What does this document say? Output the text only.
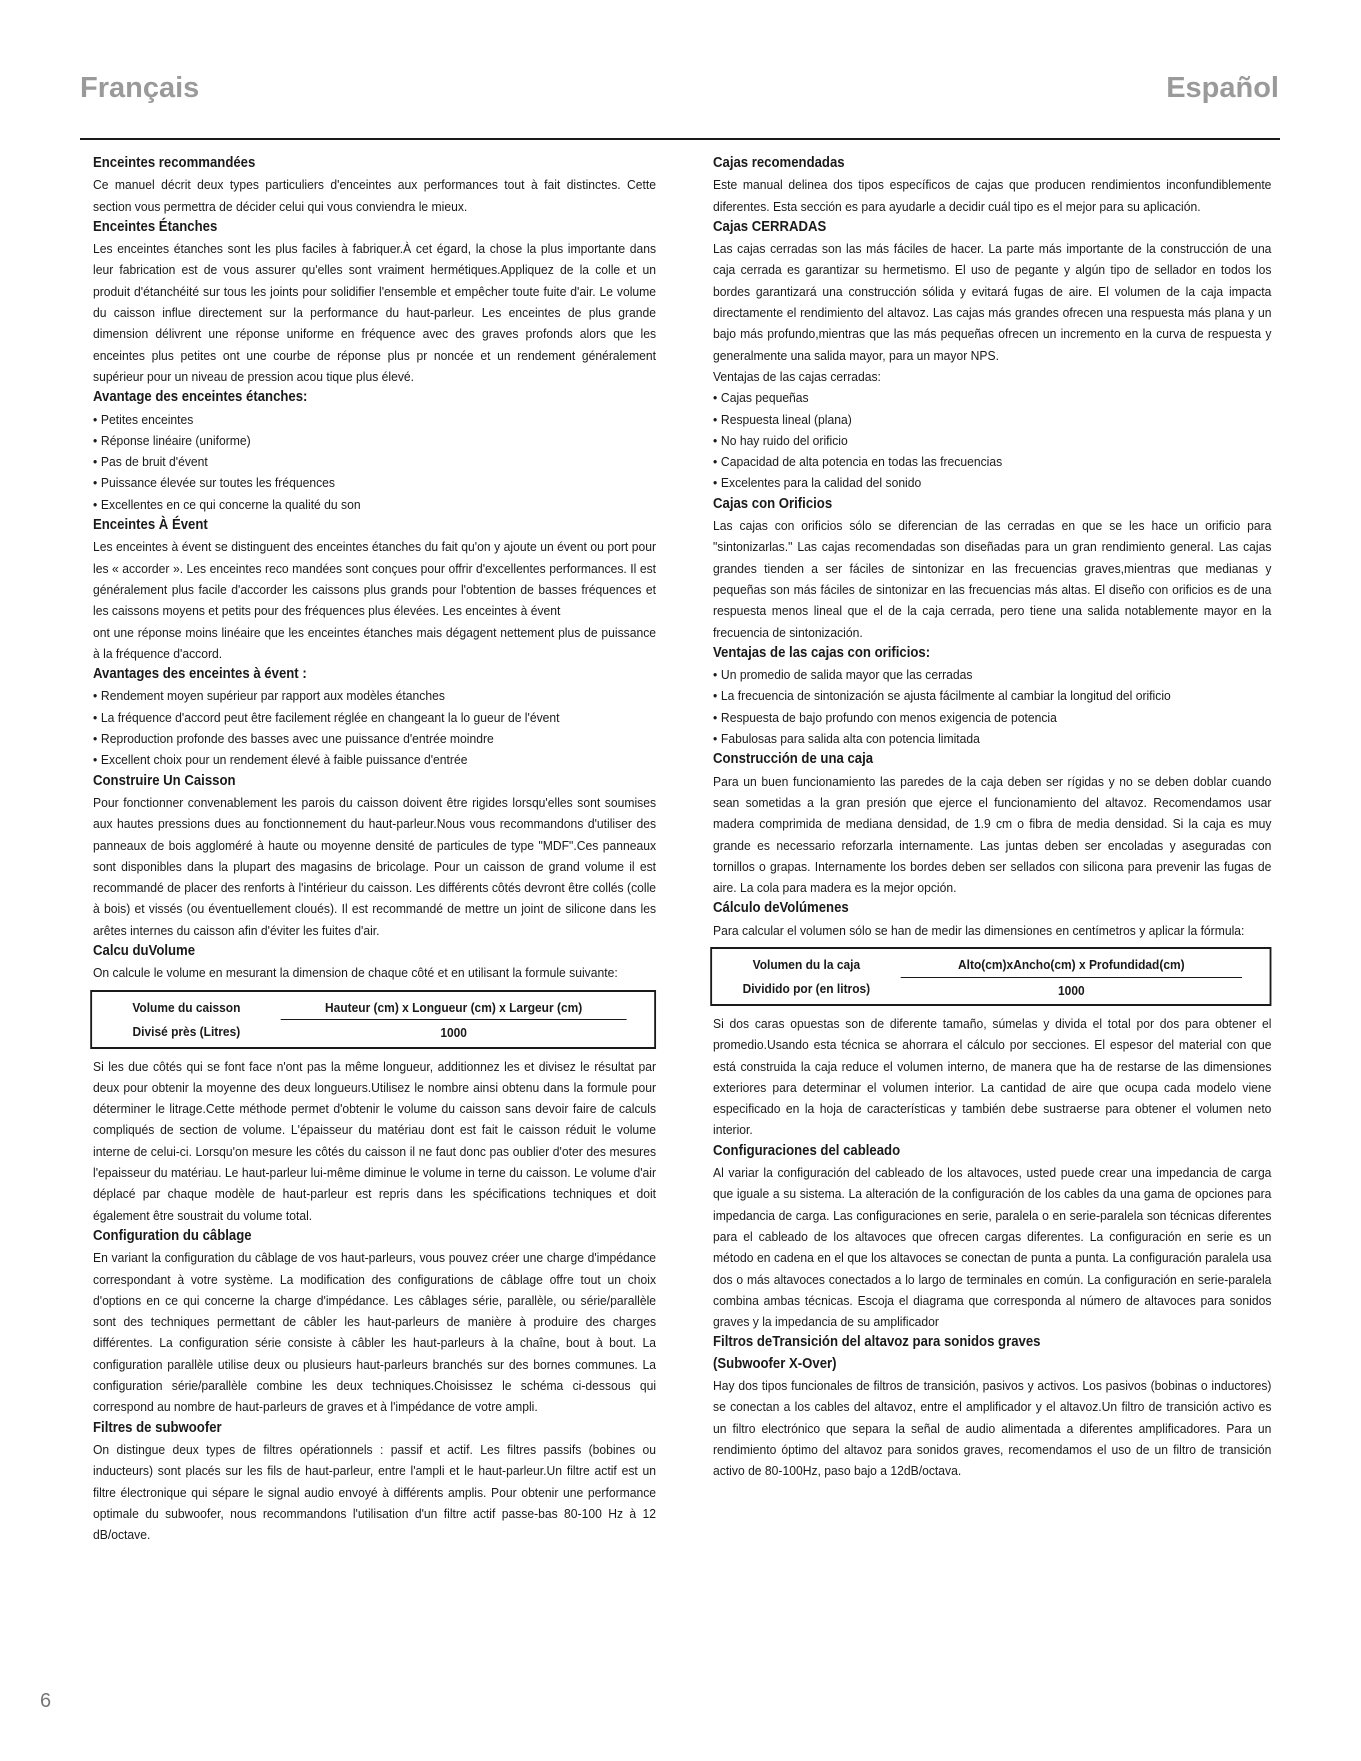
Français	Español
Enceintes recommandées

Ce manuel décrit deux types particuliers d'enceintes aux performances tout à fait distinctes. Cette section vous permettra de décider celui qui vous conviendra le mieux.

Enceintes Étanches

Les enceintes étanches sont les plus faciles à fabriquer.À cet égard, la chose la plus importante dans leur fabrication est de vous assurer qu'elles sont vraiment hermétiques.Appliquez de la colle et un produit d'étanchéité sur tous les joints pour solidifier l'ensemble et empêcher toute fuite d'air. Le volume du caisson influe directement sur la performance du haut-parleur. Les enceintes de plus grande dimension délivrent une réponse uniforme en fréquence avec des graves profonds alors que les enceintes plus petites ont une courbe de réponse plus pr noncée et un rendement généralement supérieur pour un niveau de pression acou tique plus élevé.

Avantage des enceintes étanches:
• Petites enceintes
• Réponse linéaire (uniforme)
• Pas de bruit d'évent
• Puissance élevée sur toutes les fréquences
• Excellentes en ce qui concerne la qualité du son
Enceintes À Évent

Les enceintes à évent se distinguent des enceintes étanches du fait qu'on y ajoute un évent ou port pour les « accorder ». Les enceintes reco mandées sont conçues pour offrir d'excellentes performances. Il est généralement plus facile d'accorder les caissons plus grands pour l'obtention de basses fréquences et les caissons moyens et petits pour des fréquences plus élevées. Les enceintes à évent

ont une réponse moins linéaire que les enceintes étanches mais dégagent nettement plus de puissance à la fréquence d'accord.

Avantages des enceintes à évent :
• Rendement moyen supérieur par rapport aux modèles étanches
• La fréquence d'accord peut être facilement réglée en changeant la lo gueur de l'évent
• Reproduction profonde des basses avec une puissance d'entrée moindre
• Excellent choix pour un rendement élevé à faible puissance d'entrée
Construire Un Caisson

Pour fonctionner convenablement les parois du caisson doivent être rigides lorsqu'elles sont soumises aux hautes pressions dues au fonctionnement du haut-parleur.Nous vous recommandons d'utiliser des panneaux de bois aggloméré à haute ou moyenne densité de particules de type "MDF".Ces panneaux sont disponibles dans la plupart des magasins de bricolage. Pour un caisson de grand volume il est recommandé de placer des renforts à l'intérieur du caisson. Les différents côtés devront être collés (colle à bois) et vissés (ou éventuellement cloués). Il est recommandé de mettre un joint de silicone dans les arêtes internes du caisson afin d'éviter les fuites d'air.

Calcu duVolume

On calcule le volume en mesurant la dimension de chaque côté et en utilisant la formule suivante:

Volume du caisson	Hauteur (cm) x Longueur (cm) x Largeur (cm)
Divisé près (Litres)	1000

Si les due côtés qui se font face n'ont pas la même longueur, additionnez les et divisez le résultat par deux pour obtenir la moyenne des deux longueurs.Utilisez le nombre ainsi obtenu dans la formule pour déterminer le litrage.Cette méthode permet d'obtenir le volume du caisson sans devoir faire de calculs compliqués de section de volume. L'épaisseur du matériau dont est fait le caisson réduit le volume interne de celui-ci. Lorsqu'on mesure les côtés du caisson il ne faut donc pas oublier d'oter des mesures l'epaisseur du matériau. Le haut-parleur lui-même diminue le volume in terne du caisson. Le volume d'air déplacé par chaque modèle de haut-parleur est repris dans les spécifications techniques et doit également être soustrait du volume total.

Configuration du câblage

En variant la configuration du câblage de vos haut-parleurs, vous pouvez créer une charge d'impédance correspondant à votre système. La modification des configurations de câblage offre tout un choix d'options en ce qui concerne la charge d'impédance. Les câblages série, parallèle, ou série/parallèle sont des techniques permettant de câbler les haut-parleurs de manière à produire des charges différentes. La configuration série consiste à câbler les haut-parleurs à la chaîne, bout à bout. La configuration parallèle utilise deux ou plusieurs haut-parleurs branchés sur des bornes communes. La configuration série/parallèle combine les deux techniques.Choisissez le schéma ci-dessous qui correspond au nombre de haut-parleurs de graves et à l'impédance de votre ampli.

Filtres de subwoofer

On distingue deux types de filtres opérationnels : passif et actif. Les filtres passifs (bobines ou inducteurs) sont placés sur les fils de haut-parleur, entre l'ampli et le haut-parleur.Un filtre actif est un filtre électronique qui sépare le signal audio envoyé à différents amplis. Pour obtenir une performance optimale du subwoofer, nous recommandons l'utilisation d'un filtre actif passe-bas 80-100 Hz à 12 dB/octave.

Cajas recomendadas

Este manual delinea dos tipos específicos de cajas que producen rendimientos inconfundiblemente diferentes. Esta sección es para ayudarle a decidir cuál tipo es el mejor para su aplicación.

Cajas CERRADAS

Las cajas cerradas son las más fáciles de hacer. La parte más importante de la construcción de una caja cerrada es garantizar su hermetismo. El uso de pegante y algún tipo de sellador en todos los bordes garantizará una construcción sólida y evitará fugas de aire. El volumen de la caja impacta directamente el rendimiento del altavoz. Las cajas más grandes ofrecen una respuesta más plana y un bajo más profundo,mientras que las más pequeñas ofrecen un incremento en la curva de respuesta y generalmente una salida mayor, para un mayor NPS.

Ventajas de las cajas cerradas:

• Cajas pequeñas
• Respuesta lineal (plana)
• No hay ruido del orificio
• Capacidad de alta potencia en todas las frecuencias
• Excelentes para la calidad del sonido
Cajas con Orificios

Las cajas con orificios sólo se diferencian de las cerradas en que se les hace un orificio para "sintonizarlas." Las cajas recomendadas son diseñadas para un gran rendimiento general. Las cajas grandes tienden a ser fáciles de sintonizar en las frecuencias graves,mientras que medianas y pequeñas son más fáciles de sintonizar en las frecuencias más altas. El diseño con orificios es de una respuesta menos lineal que el de la caja cerrada, pero tiene una salida notablemente mayor en la frecuencia de sintonización.

Ventajas de las cajas con orificios:
• Un promedio de salida mayor que las cerradas
• La frecuencia de sintonización se ajusta fácilmente al cambiar la longitud del orificio
• Respuesta de bajo profundo con menos exigencia de potencia
• Fabulosas para salida alta con potencia limitada
Construcción de una caja

Para un buen funcionamiento las paredes de la caja deben ser rígidas y no se deben doblar cuando sean sometidas a la gran presión que ejerce el funcionamiento del altavoz. Recomendamos usar madera comprimida de mediana densidad, de 1.9 cm o fibra de media densidad. Si la caja es muy grande es necessario reforzarla internamente. Las juntas deben ser encoladas y aseguradas con tornillos o grapas. Internamente los bordes deben ser sellados con silicona para prevenir las fugas de aire. La cola para madera es la mejor opción.

Cálculo deVolúmenes

Para calcular el volumen sólo se han de medir las dimensiones en centímetros y aplicar la fórmula:

Volumen du la caja	Alto(cm)xAncho(cm) x Profundidad(cm)
Dividido por (en litros)	1000

Si dos caras opuestas son de diferente tamaño, súmelas y divida el total por dos para obtener el promedio.Usando esta técnica se ahorrara el cálculo por secciones. El espesor del material con que está construida la caja reduce el volumen interno, de manera que ha de restarse de las dimensiones exteriores para determinar el volumen interior. La cantidad de aire que ocupa cada modelo viene especificado en la hoja de características y también debe sustraerse para obtener el volumen neto interior.

Configuraciones del cableado

Al variar la configuración del cableado de los altavoces, usted puede crear una impedancia de carga que iguale a su sistema. La alteración de la configuración de los cables da una gama de opciones para impedancia de carga. Las configuraciones en serie, paralela o en serie-paralela son técnicas diferentes para el cableado de los altavoces que ofrecen cargas diferentes. La configuración en serie es un método en cadena en el que los altavoces se conectan de punta a punta. La configuración paralela usa dos o más altavoces conectados a lo largo de terminales en común. La configuración en serie-paralela combina ambas técnicas. Escoja el diagrama que corresponda al número de altavoces para sonidos graves y la impedancia de su amplificador

Filtros deTransición del altavoz para sonidos graves
(Subwoofer X-Over)

Hay dos tipos funcionales de filtros de transición, pasivos y activos. Los pasivos (bobinas o inductores) se conectan a los cables del altavoz, entre el amplificador y el altavoz.Un filtro de transición activo es un filtro electrónico que separa la señal de audio alimentada a diferentes amplificadores. Para un rendimiento óptimo del altavoz para sonidos graves, recomendamos el uso de un filtro de transición activo de 80-100Hz, paso bajo a 12dB/octava.

6
